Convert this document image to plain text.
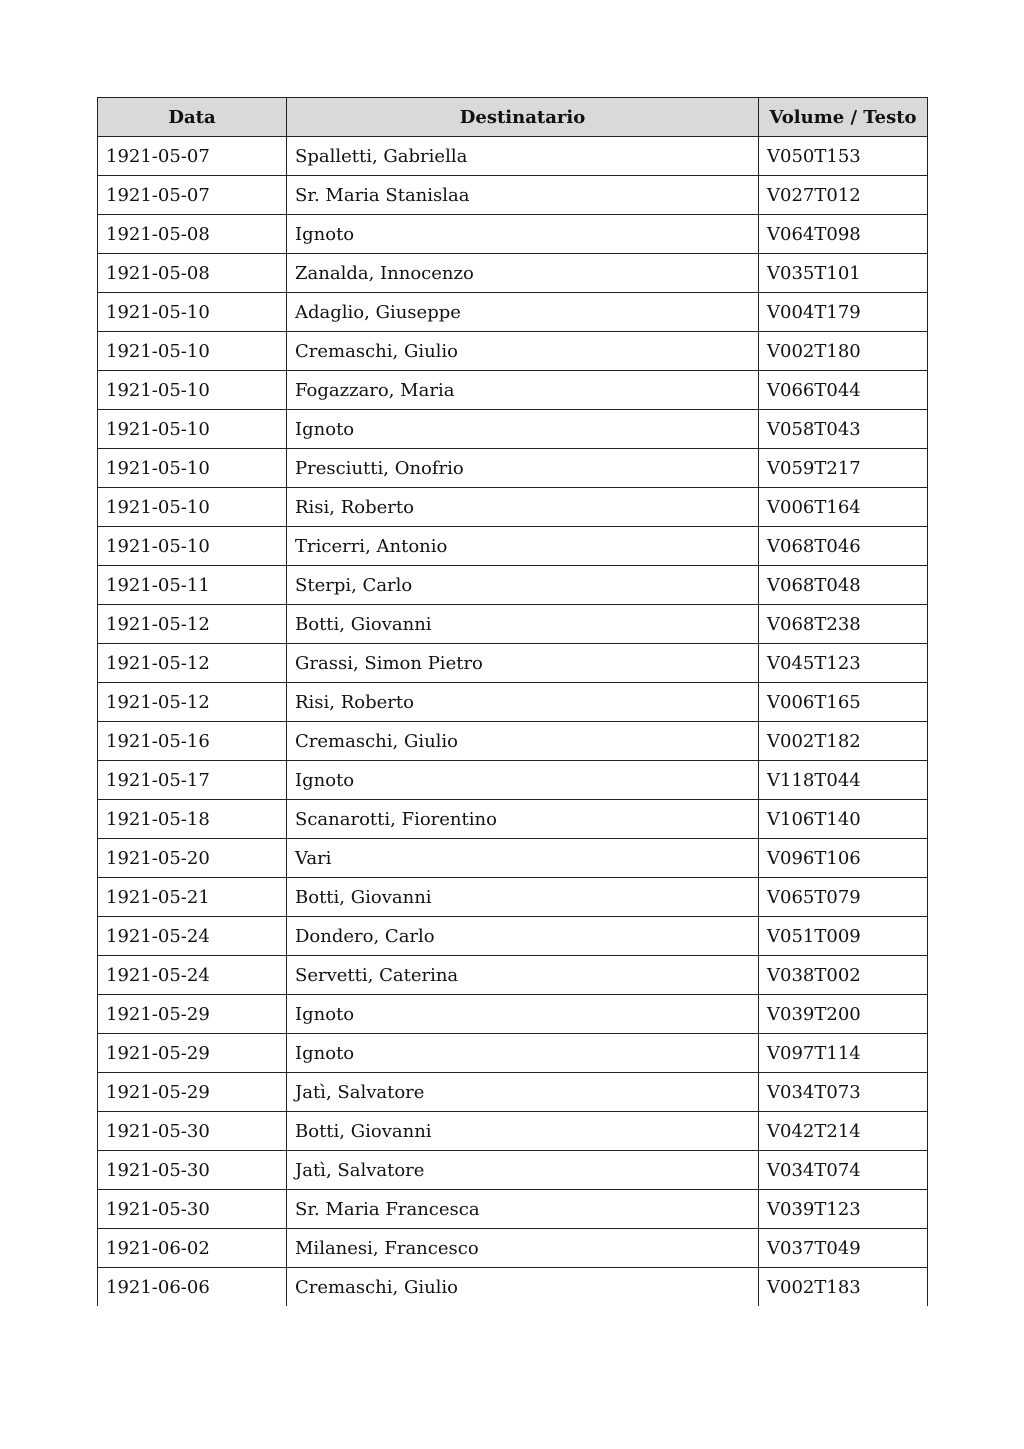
Data	Destinatario	Volume / Testo
1921-05-07	Spalletti, Gabriella	V050T153
1921-05-07	Sr. Maria Stanislaa	V027T012
1921-05-08	Ignoto	V064T098
1921-05-08	Zanalda, Innocenzo	V035T101
1921-05-10	Adaglio, Giuseppe	V004T179
1921-05-10	Cremaschi, Giulio	V002T180
1921-05-10	Fogazzaro, Maria	V066T044
1921-05-10	Ignoto	V058T043
1921-05-10	Presciutti, Onofrio	V059T217
1921-05-10	Risi, Roberto	V006T164
1921-05-10	Tricerri, Antonio	V068T046
1921-05-11	Sterpi, Carlo	V068T048
1921-05-12	Botti, Giovanni	V068T238
1921-05-12	Grassi, Simon Pietro	V045T123
1921-05-12	Risi, Roberto	V006T165
1921-05-16	Cremaschi, Giulio	V002T182
1921-05-17	Ignoto	V118T044
1921-05-18	Scanarotti, Fiorentino	V106T140
1921-05-20	Vari	V096T106
1921-05-21	Botti, Giovanni	V065T079
1921-05-24	Dondero, Carlo	V051T009
1921-05-24	Servetti, Caterina	V038T002
1921-05-29	Ignoto	V039T200
1921-05-29	Ignoto	V097T114
1921-05-29	Jatì, Salvatore	V034T073
1921-05-30	Botti, Giovanni	V042T214
1921-05-30	Jatì, Salvatore	V034T074
1921-05-30	Sr. Maria Francesca	V039T123
1921-06-02	Milanesi, Francesco	V037T049
1921-06-06	Cremaschi, Giulio	V002T183
